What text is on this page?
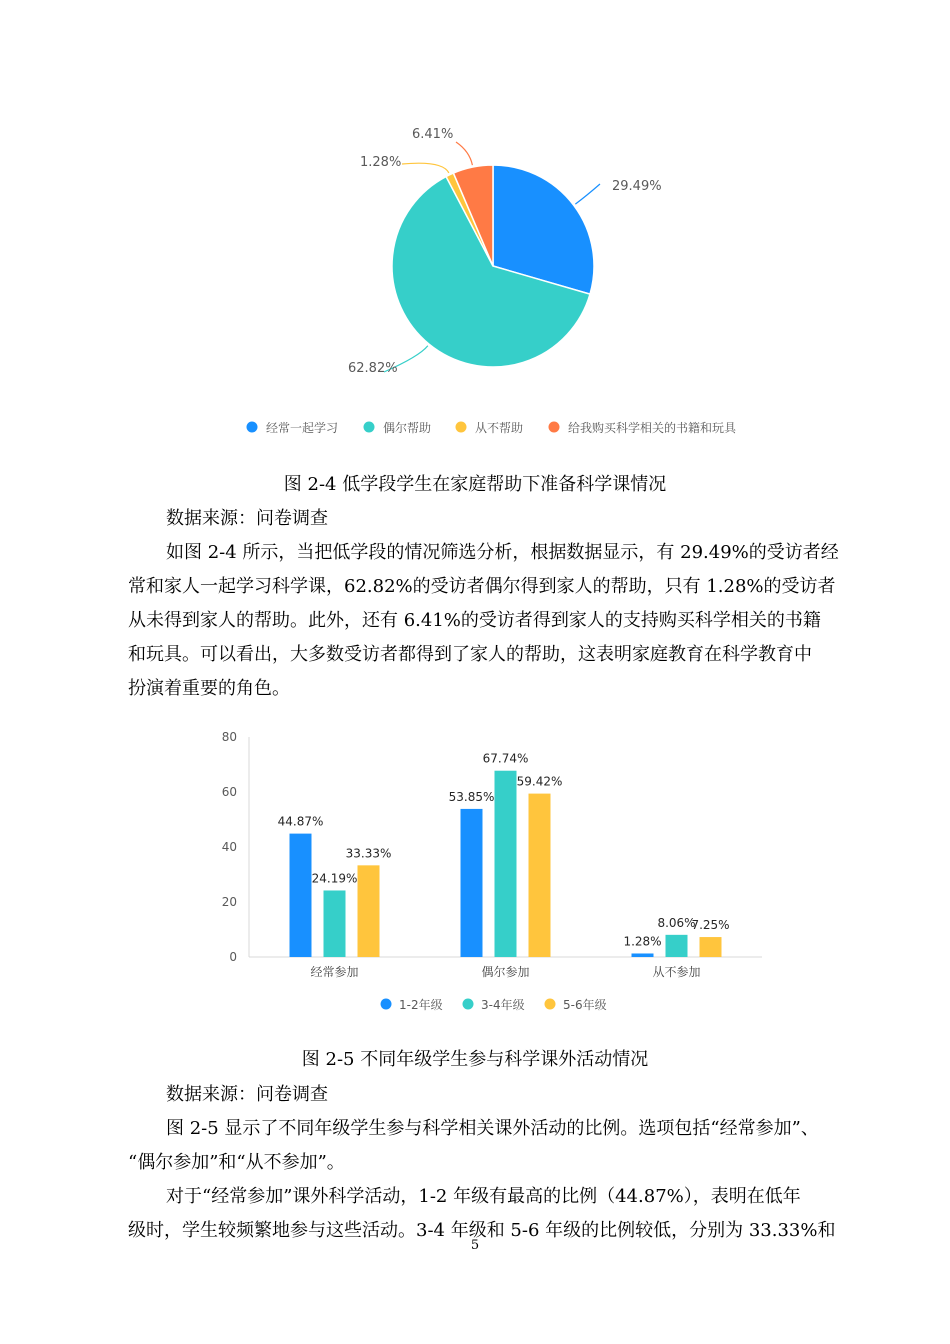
29.49%
62.82%
1.28%
6.41%
经常一起学习	偶尔帮助	从不帮助	给我购买科学相关的书籍和玩具
0
20
40
60
80
经常参加
44.87%
24.19%
33.33%
偶尔参加
53.85%
67.74%
59.42%
从不参加
1.28%
8.06%
7.25%
1-2年级	3-4年级	5-6年级
图 2-4 低学段学生在家庭帮助下准备科学课情况
数据来源：问卷调查
如图 2-4 所示，当把低学段的情况筛选分析，根据数据显示，有 29.49%的受访者经
常和家人一起学习科学课，62.82%的受访者偶尔得到家人的帮助，只有 1.28%的受访者
从未得到家人的帮助。此外，还有 6.41%的受访者得到家人的支持购买科学相关的书籍
和玩具。可以看出，大多数受访者都得到了家人的帮助，这表明家庭教育在科学教育中
扮演着重要的角色。
图 2-5 不同年级学生参与科学课外活动情况
数据来源：问卷调查
图 2-5 显示了不同年级学生参与科学相关课外活动的比例。选项包括“经常参加”、
“偶尔参加”和“从不参加”。
对于“经常参加”课外科学活动，1-2 年级有最高的比例（44.87%），表明在低年
级时，学生较频繁地参与这些活动。3-4 年级和 5-6 年级的比例较低，分别为 33.33%和
5
